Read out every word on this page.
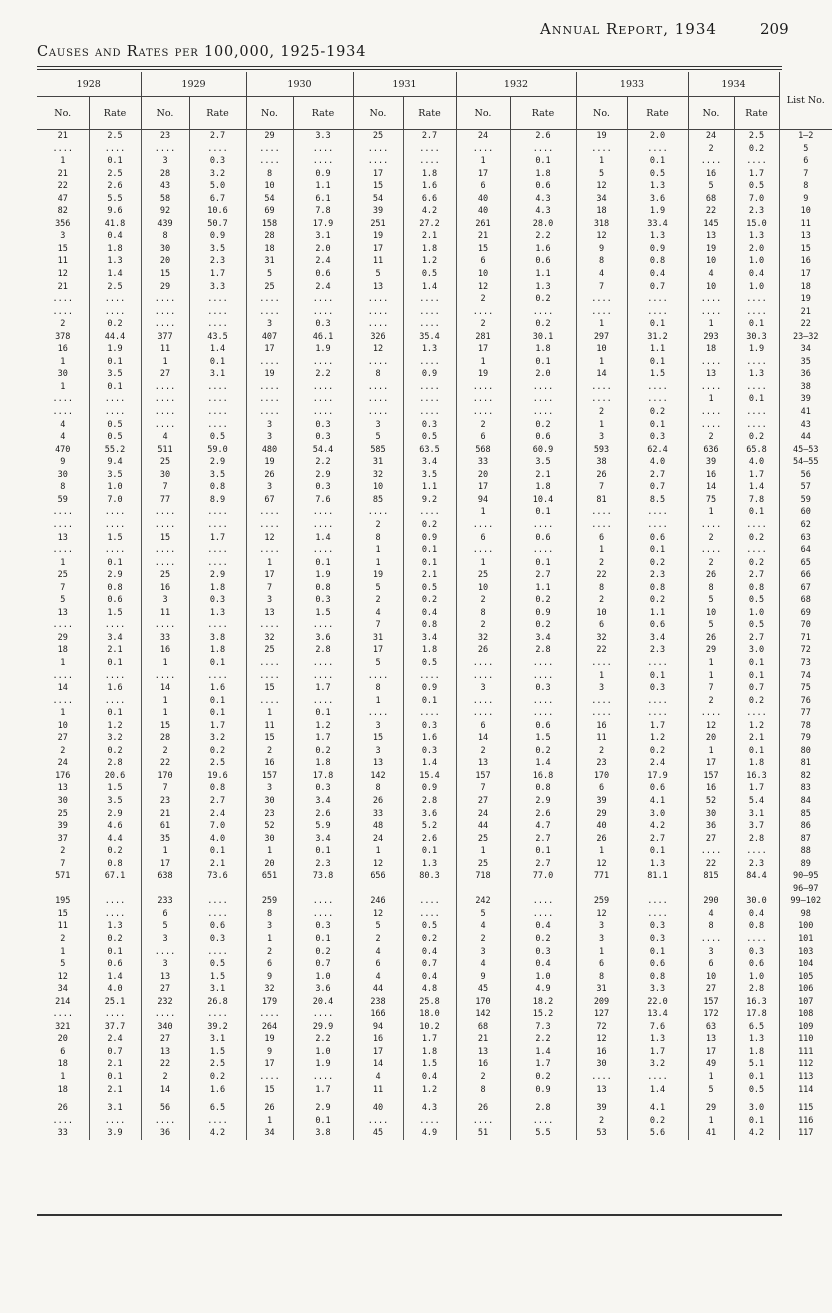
Annual Report, 1934	209
Causes and Rates per 100,000, 1925-1934
1928		1929		1930		1931		1932		1933		1934		List No.
No.	Rate	No.	Rate	No.	Rate	No.	Rate	No.	Rate	No.	Rate	No.	Rate	
21	2.5	23	2.7	29	3.3	25	2.7	24	2.6	19	2.0	24	2.5	1–2
....	....	....	....	....	....	....	....	....	....	....	....	2	0.2	5
1	0.1	3	0.3	....	....	....	....	1	0.1	1	0.1	....	....	6
21	2.5	28	3.2	8	0.9	17	1.8	17	1.8	5	0.5	16	1.7	7
22	2.6	43	5.0	10	1.1	15	1.6	6	0.6	12	1.3	5	0.5	8
47	5.5	58	6.7	54	6.1	54	6.6	40	4.3	34	3.6	68	7.0	9
82	9.6	92	10.6	69	7.8	39	4.2	40	4.3	18	1.9	22	2.3	10
356	41.8	439	50.7	158	17.9	251	27.2	261	28.0	318	33.4	145	15.0	11
3	0.4	8	0.9	28	3.1	19	2.1	21	2.2	12	1.3	13	1.3	13
15	1.8	30	3.5	18	2.0	17	1.8	15	1.6	9	0.9	19	2.0	15
11	1.3	20	2.3	31	2.4	11	1.2	6	0.6	8	0.8	10	1.0	16
12	1.4	15	1.7	5	0.6	5	0.5	10	1.1	4	0.4	4	0.4	17
21	2.5	29	3.3	25	2.4	13	1.4	12	1.3	7	0.7	10	1.0	18
....	....	....	....	....	....	....	....	2	0.2	....	....	....	....	19
....	....	....	....	....	....	....	....	....	....	....	....	....	....	21
2	0.2	....	....	3	0.3	....	....	2	0.2	1	0.1	1	0.1	22
378	44.4	377	43.5	407	46.1	326	35.4	281	30.1	297	31.2	293	30.3	23–32
16	1.9	11	1.4	17	1.9	12	1.3	17	1.8	10	1.1	18	1.9	34
1	0.1	1	0.1	....	....	....	....	1	0.1	1	0.1	....	....	35
30	3.5	27	3.1	19	2.2	8	0.9	19	2.0	14	1.5	13	1.3	36
1	0.1	....	....	....	....	....	....	....	....	....	....	....	....	38
....	....	....	....	....	....	....	....	....	....	....	....	1	0.1	39
....	....	....	....	....	....	....	....	....	....	2	0.2	....	....	41
4	0.5	....	....	3	0.3	3	0.3	2	0.2	1	0.1	....	....	43
4	0.5	4	0.5	3	0.3	5	0.5	6	0.6	3	0.3	2	0.2	44
470	55.2	511	59.0	480	54.4	585	63.5	568	60.9	593	62.4	636	65.8	45–53
9	9.4	25	2.9	19	2.2	31	3.4	33	3.5	38	4.0	39	4.0	54–55
30	3.5	30	3.5	26	2.9	32	3.5	20	2.1	26	2.7	16	1.7	56
8	1.0	7	0.8	3	0.3	10	1.1	17	1.8	7	0.7	14	1.4	57
59	7.0	77	8.9	67	7.6	85	9.2	94	10.4	81	8.5	75	7.8	59
....	....	....	....	....	....	....	....	1	0.1	....	....	1	0.1	60
....	....	....	....	....	....	2	0.2	....	....	....	....	....	....	62
13	1.5	15	1.7	12	1.4	8	0.9	6	0.6	6	0.6	2	0.2	63
....	....	....	....	....	....	1	0.1	....	....	1	0.1	....	....	64
1	0.1	....	....	1	0.1	1	0.1	1	0.1	2	0.2	2	0.2	65
25	2.9	25	2.9	17	1.9	19	2.1	25	2.7	22	2.3	26	2.7	66
7	0.8	16	1.8	7	0.8	5	0.5	10	1.1	8	0.8	8	0.8	67
5	0.6	3	0.3	3	0.3	2	0.2	2	0.2	2	0.2	5	0.5	68
13	1.5	11	1.3	13	1.5	4	0.4	8	0.9	10	1.1	10	1.0	69
....	....	....	....	....	....	7	0.8	2	0.2	6	0.6	5	0.5	70
29	3.4	33	3.8	32	3.6	31	3.4	32	3.4	32	3.4	26	2.7	71
18	2.1	16	1.8	25	2.8	17	1.8	26	2.8	22	2.3	29	3.0	72
1	0.1	1	0.1	....	....	5	0.5	....	....	....	....	1	0.1	73
....	....	....	....	....	....	....	....	....	....	1	0.1	1	0.1	74
14	1.6	14	1.6	15	1.7	8	0.9	3	0.3	3	0.3	7	0.7	75
....	....	1	0.1	....	....	1	0.1	....	....	....	....	2	0.2	76
1	0.1	1	0.1	1	0.1	....	....	....	....	....	....	....	....	77
10	1.2	15	1.7	11	1.2	3	0.3	6	0.6	16	1.7	12	1.2	78
27	3.2	28	3.2	15	1.7	15	1.6	14	1.5	11	1.2	20	2.1	79
2	0.2	2	0.2	2	0.2	3	0.3	2	0.2	2	0.2	1	0.1	80
24	2.8	22	2.5	16	1.8	13	1.4	13	1.4	23	2.4	17	1.8	81
176	20.6	170	19.6	157	17.8	142	15.4	157	16.8	170	17.9	157	16.3	82
13	1.5	7	0.8	3	0.3	8	0.9	7	0.8	6	0.6	16	1.7	83
30	3.5	23	2.7	30	3.4	26	2.8	27	2.9	39	4.1	52	5.4	84
25	2.9	21	2.4	23	2.6	33	3.6	24	2.6	29	3.0	30	3.1	85
39	4.6	61	7.0	52	5.9	48	5.2	44	4.7	40	4.2	36	3.7	86
37	4.4	35	4.0	30	3.4	24	2.6	25	2.7	26	2.7	27	2.8	87
2	0.2	1	0.1	1	0.1	1	0.1	1	0.1	1	0.1	....	....	88
7	0.8	17	2.1	20	2.3	12	1.3	25	2.7	12	1.3	22	2.3	89
571	67.1	638	73.6	651	73.8	656	80.3	718	77.0	771	81.1	815	84.4	90–95
														96–97
195	....	233	....	259	....	246	....	242	....	259	....	290	30.0	99–102
15	....	6	....	8	....	12	....	5	....	12	....	4	0.4	98
11	1.3	5	0.6	3	0.3	5	0.5	4	0.4	3	0.3	8	0.8	100
2	0.2	3	0.3	1	0.1	2	0.2	2	0.2	3	0.3	....	....	101
1	0.1	....	....	2	0.2	4	0.4	3	0.3	1	0.1	3	0.3	103
5	0.6	3	0.5	6	0.7	6	0.7	4	0.4	6	0.6	6	0.6	104
12	1.4	13	1.5	9	1.0	4	0.4	9	1.0	8	0.8	10	1.0	105
34	4.0	27	3.1	32	3.6	44	4.8	45	4.9	31	3.3	27	2.8	106
214	25.1	232	26.8	179	20.4	238	25.8	170	18.2	209	22.0	157	16.3	107
....	....	....	....	....	....	166	18.0	142	15.2	127	13.4	172	17.8	108
321	37.7	340	39.2	264	29.9	94	10.2	68	7.3	72	7.6	63	6.5	109
20	2.4	27	3.1	19	2.2	16	1.7	21	2.2	12	1.3	13	1.3	110
6	0.7	13	1.5	9	1.0	17	1.8	13	1.4	16	1.7	17	1.8	111
18	2.1	22	2.5	17	1.9	14	1.5	16	1.7	30	3.2	49	5.1	112
1	0.1	2	0.2	....	....	4	0.4	2	0.2	....	....	1	0.1	113
18	2.1	14	1.6	15	1.7	11	1.2	8	0.9	13	1.4	5	0.5	114

26	3.1	56	6.5	26	2.9	40	4.3	26	2.8	39	4.1	29	3.0	115
....	....	....	....	1	0.1	....	....	....	....	2	0.2	1	0.1	116
33	3.9	36	4.2	34	3.8	45	4.9	51	5.5	53	5.6	41	4.2	117
